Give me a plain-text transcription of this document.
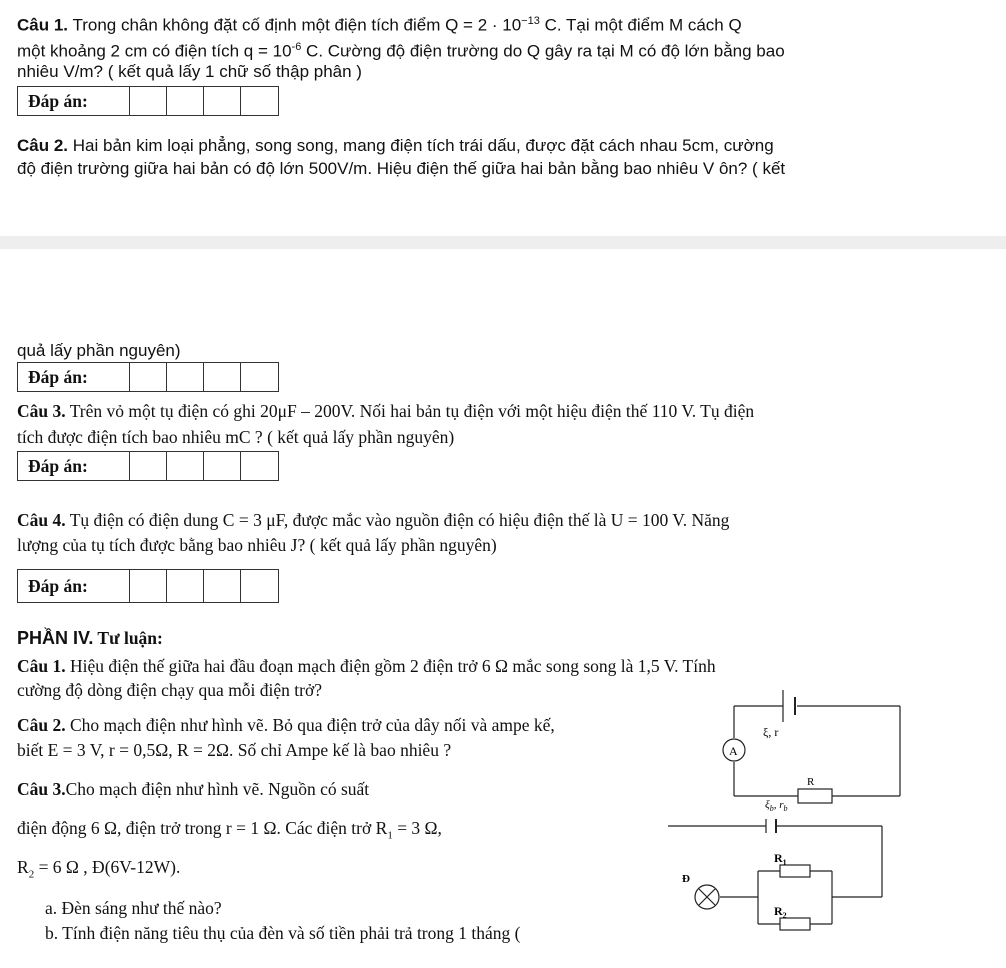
Câu 1. Trong chân không đặt cố định một điện tích điểm $Q = 2 \cdot 10^{-13}$ C. Tại một điểm M cách Q
một khoảng 2 cm có điện tích $q = 10^{-6}$ C. Cường độ điện trường do Q gây ra tại M có độ lớn bằng bao
nhiêu V/m? ( kết quả lấy 1 chữ số thập phân )
Đáp án:
Câu 2. Hai bản kim loại phẳng, song song, mang điện tích trái dấu, được đặt cách nhau 5cm, cường
độ điện trường giữa hai bản có độ lớn 500V/m. Hiệu điện thế giữa hai bản bằng bao nhiêu V ôn? ( kết
quả lấy phần nguyên)
Đáp án:
Câu 3. Trên vỏ một tụ điện có ghi 20μF – 200V. Nối hai bản tụ điện với một hiệu điện thế 110 V. Tụ điện
tích được điện tích bao nhiêu mC ? ( kết quả lấy phần nguyên)
Đáp án:
Câu 4. Tụ điện có điện dung C = 3 μF, được mắc vào nguồn điện có hiệu điện thế là U = 100 V. Năng
lượng của tụ tích được bằng bao nhiêu J? ( kết quả lấy phần nguyên)
Đáp án:
PHẦN IV. Tư luận:
Câu 1. Hiệu điện thế giữa hai đầu đoạn mạch điện gồm 2 điện trở 6 Ω mắc song song là 1,5 V. Tính
cường độ dòng điện chạy qua mỗi điện trở?
Câu 2. Cho mạch điện như hình vẽ. Bỏ qua điện trở của dây nối và ampe kế,
biết E = 3 V, r = 0,5Ω, R = 2Ω. Số chỉ Ampe kế là bao nhiêu ?
Câu 3.Cho mạch điện như hình vẽ. Nguồn có suất
điện động 6 Ω, điện trở trong r = 1 Ω. Các điện trở $R_1 = 3$ Ω,
$R_2 = 6$ Ω , Đ(6V-12W).
a. Đèn sáng như thế nào?
b. Tính điện năng tiêu thụ của đèn và số tiền phải trả trong 1 tháng (
ξ, r
A
R
$\xi_b$, $r_b$
$R_1$
Đ
$R_2$
